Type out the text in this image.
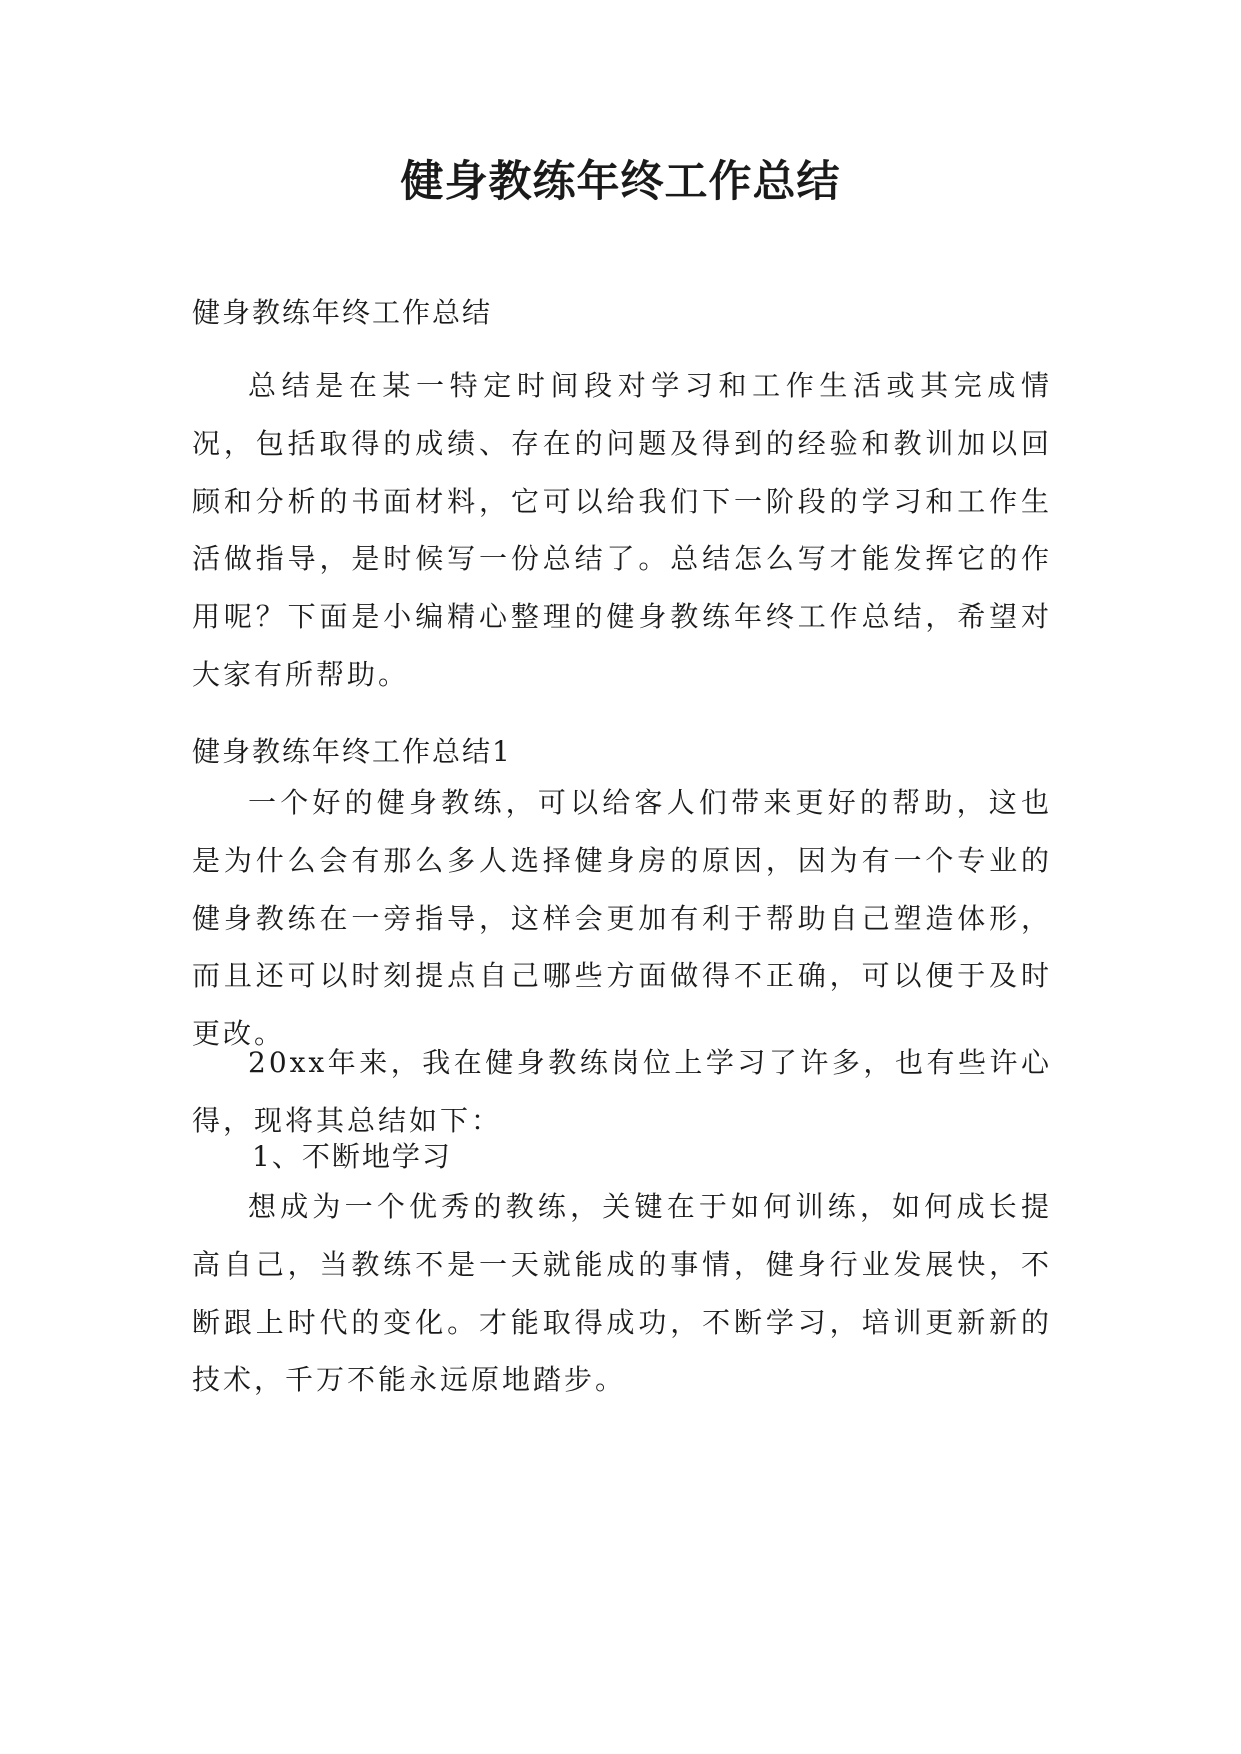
健身教练年终工作总结

健身教练年终工作总结

总结是在某一特定时间段对学习和工作生活或其完成情况，包括取得的成绩、存在的问题及得到的经验和教训加以回顾和分析的书面材料，它可以给我们下一阶段的学习和工作生活做指导，是时候写一份总结了。总结怎么写才能发挥它的作用呢？下面是小编精心整理的健身教练年终工作总结，希望对大家有所帮助。

健身教练年终工作总结1

一个好的健身教练，可以给客人们带来更好的帮助，这也是为什么会有那么多人选择健身房的原因，因为有一个专业的健身教练在一旁指导，这样会更加有利于帮助自己塑造体形，而且还可以时刻提点自己哪些方面做得不正确，可以便于及时更改。

20xx年来，我在健身教练岗位上学习了许多，也有些许心得，现将其总结如下：

1、不断地学习

想成为一个优秀的教练，关键在于如何训练，如何成长提高自己，当教练不是一天就能成的事情，健身行业发展快，不断跟上时代的变化。才能取得成功，不断学习，培训更新新的技术，千万不能永远原地踏步。
